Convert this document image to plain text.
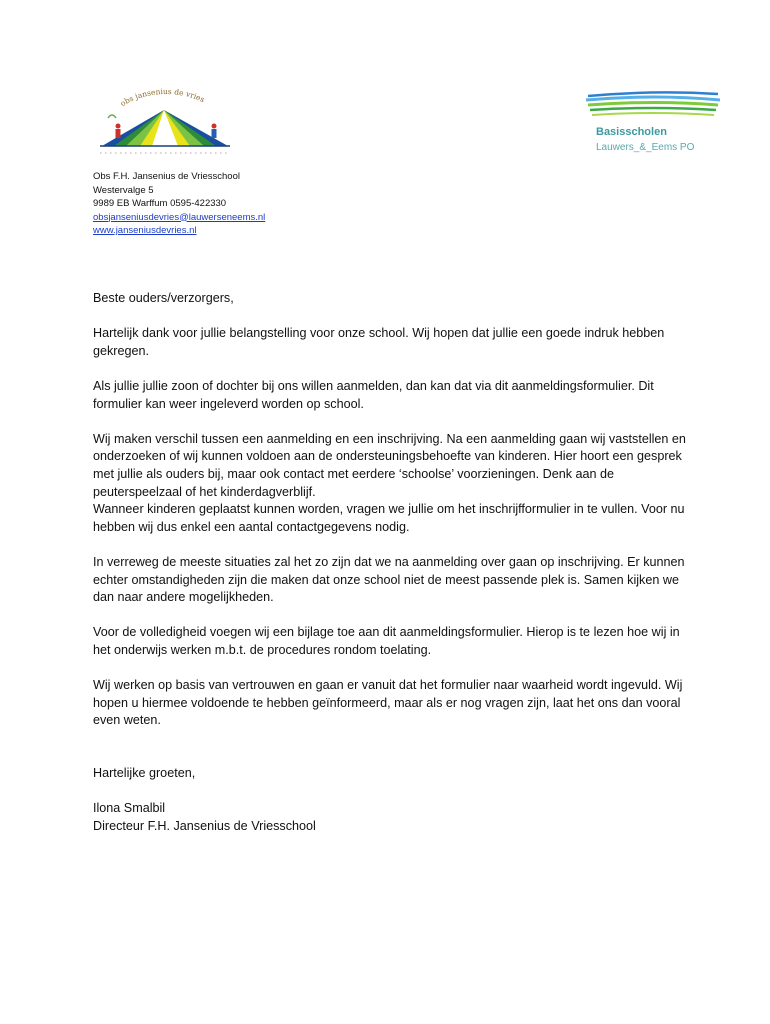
obs jansenius de vries
Basisscholen
Lauwers_&_Eems PO
Obs F.H. Jansenius de Vriesschool
Westervalge 5
9989 EB Warffum 0595-422330
obsjanseniusdevries@lauwerseneems.nl
www.janseniusdevries.nl

Beste ouders/verzorgers,

Hartelijk dank voor jullie belangstelling voor onze school. Wij hopen dat jullie een goede indruk hebben gekregen.

Als jullie jullie zoon of dochter bij ons willen aanmelden, dan kan dat via dit aanmeldingsformulier. Dit formulier kan weer ingeleverd worden op school.

Wij maken verschil tussen een aanmelding en een inschrijving. Na een aanmelding gaan wij vaststellen en onderzoeken of wij kunnen voldoen aan de ondersteuningsbehoefte van kinderen. Hier hoort een gesprek met jullie als ouders bij, maar ook contact met eerdere ‘schoolse’ voorzieningen. Denk aan de peuterspeelzaal of het kinderdagverblijf.

Wanneer kinderen geplaatst kunnen worden, vragen we jullie om het inschrijfformulier in te vullen. Voor nu hebben wij dus enkel een aantal contactgegevens nodig.

In verreweg de meeste situaties zal het zo zijn dat we na aanmelding over gaan op inschrijving. Er kunnen echter omstandigheden zijn die maken dat onze school niet de meest passende plek is. Samen kijken we dan naar andere mogelijkheden.

Voor de volledigheid voegen wij een bijlage toe aan dit aanmeldingsformulier. Hierop is te lezen hoe wij in het onderwijs werken m.b.t. de procedures rondom toelating.

Wij werken op basis van vertrouwen en gaan er vanuit dat het formulier naar waarheid wordt ingevuld. Wij hopen u hiermee voldoende te hebben geïnformeerd, maar als er nog vragen zijn, laat het ons dan vooral even weten.

Hartelijke groeten,

Ilona Smalbil

Directeur F.H. Jansenius de Vriesschool
